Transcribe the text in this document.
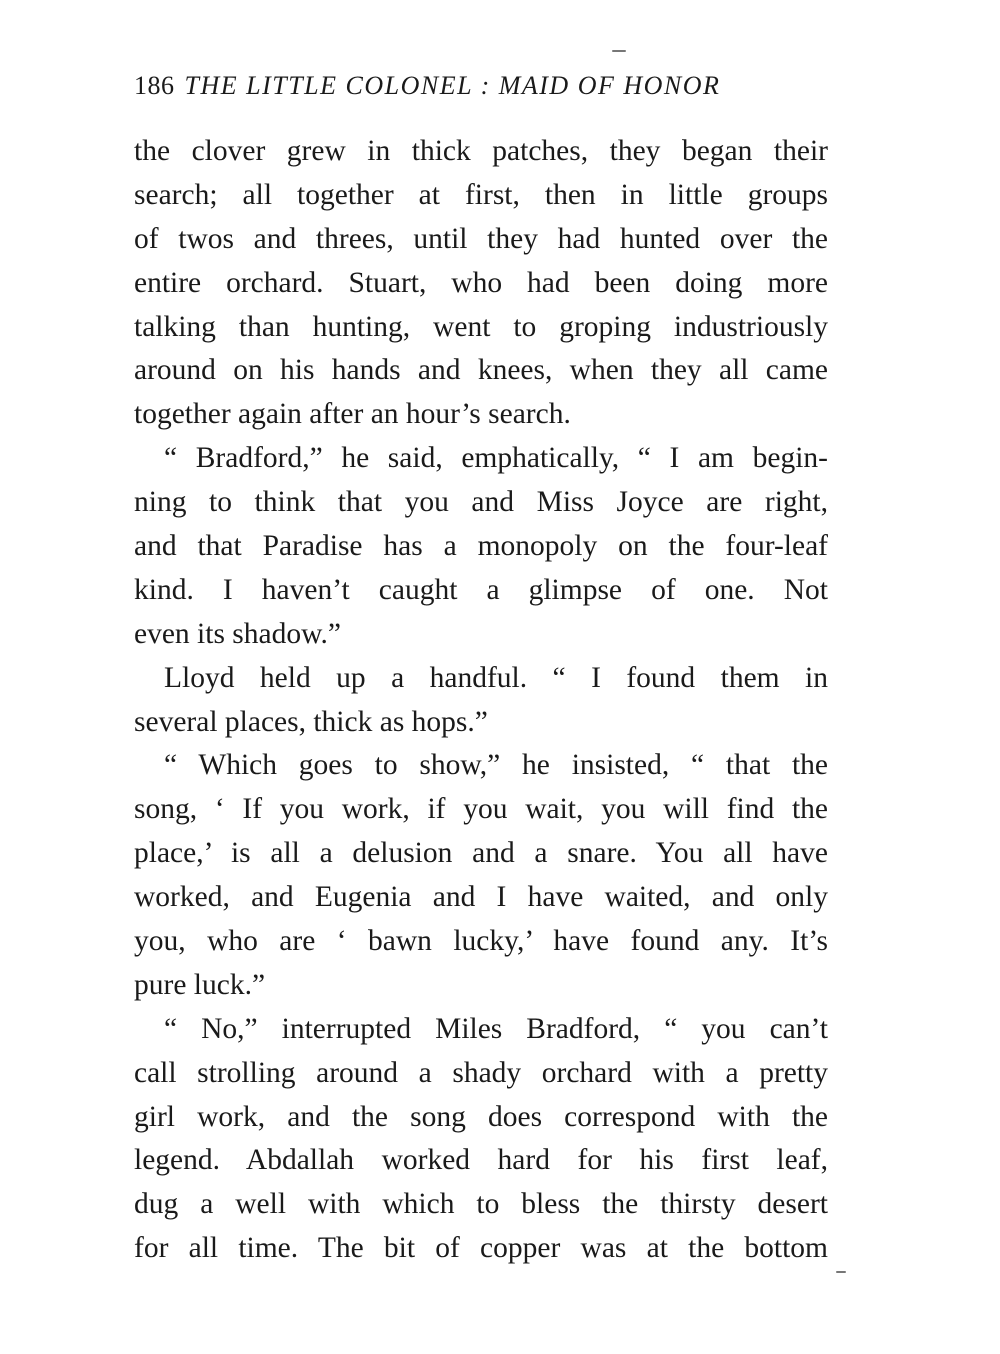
186 THE LITTLE COLONEL : MAID OF HONOR
the clover grew in thick patches, they began their
search; all together at first, then in little groups
of twos and threes, until they had hunted over the
entire orchard. Stuart, who had been doing more
talking than hunting, went to groping industriously
around on his hands and knees, when they all came
together again after an hour’s search.
“ Bradford,” he said, emphatically, “ I am begin-
ning to think that you and Miss Joyce are right,
and that Paradise has a monopoly on the four-leaf
kind. I haven’t caught a glimpse of one. Not
even its shadow.”
Lloyd held up a handful. “ I found them in
several places, thick as hops.”
“ Which goes to show,” he insisted, “ that the
song, ‘ If you work, if you wait, you will find the
place,’ is all a delusion and a snare. You all have
worked, and Eugenia and I have waited, and only
you, who are ‘ bawn lucky,’ have found any. It’s
pure luck.”
“ No,” interrupted Miles Bradford, “ you can’t
call strolling around a shady orchard with a pretty
girl work, and the song does correspond with the
legend. Abdallah worked hard for his first leaf,
dug a well with which to bless the thirsty desert
for all time. The bit of copper was at the bottom
